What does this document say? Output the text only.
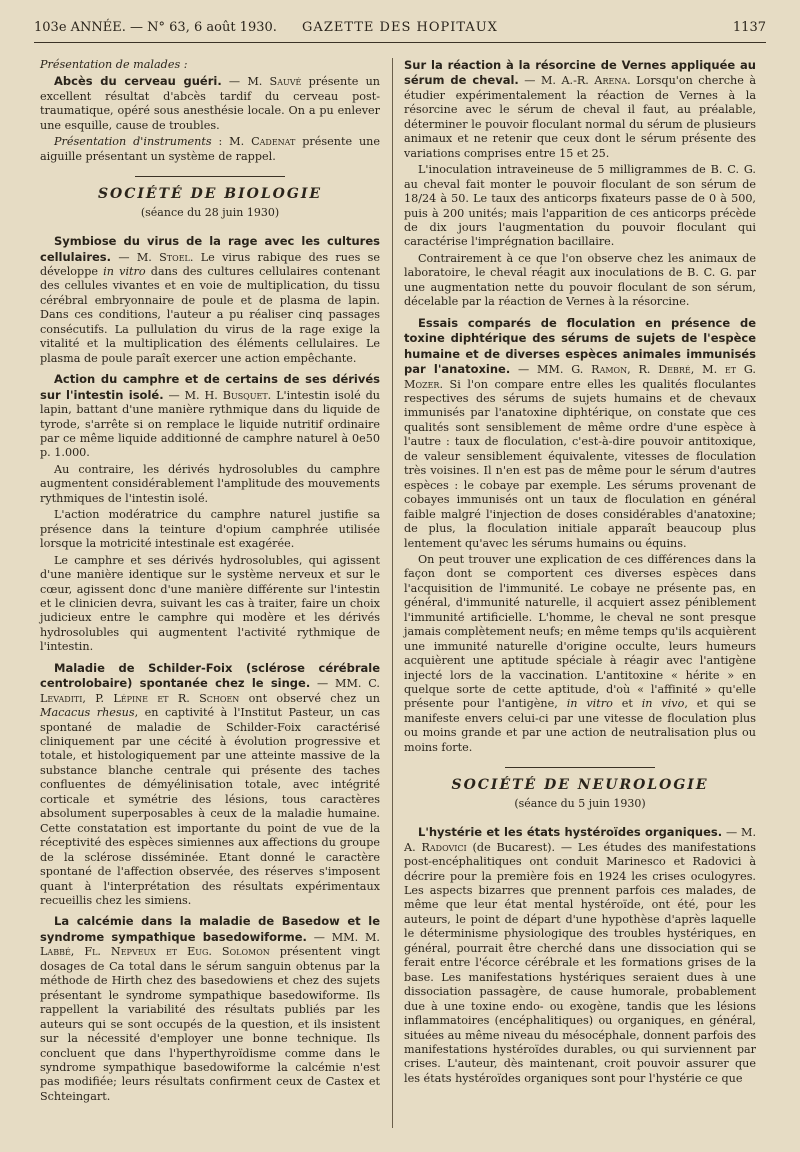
103e ANNÉE. — N° 63, 6 août 1930.	GAZETTE DES HOPITAUX	1137

Présentation de malades :

Abcès du cerveau guéri. — M. Sauvé présente un excellent résultat d'abcès tardif du cerveau post-traumatique, opéré sous anesthésie locale. On a pu enlever une esquille, cause de troubles.

Présentation d'instruments : M. Cadenat présente une aiguille présentant un système de rappel.

SOCIÉTÉ DE BIOLOGIE
(séance du 28 juin 1930)

Symbiose du virus de la rage avec les cultures cellulaires. — M. Stoel. Le virus rabique des rues se développe in vitro dans des cultures cellulaires contenant des cellules vivantes et en voie de multiplication, du tissu cérébral embryonnaire de poule et de plasma de lapin. Dans ces conditions, l'auteur a pu réaliser cinq passages consécutifs. La pullulation du virus de la rage exige la vitalité et la multiplication des éléments cellulaires. Le plasma de poule paraît exercer une action empêchante.

Action du camphre et de certains de ses dérivés sur l'intestin isolé. — M. H. Busquet. L'intestin isolé du lapin, battant d'une manière rythmique dans du liquide de tyrode, s'arrête si on remplace le liquide nutritif ordinaire par ce même liquide additionné de camphre naturel à 0e50 p. 1.000.

Au contraire, les dérivés hydrosolubles du camphre augmentent considérablement l'amplitude des mouvements rythmiques de l'intestin isolé.

L'action modératrice du camphre naturel justifie sa présence dans la teinture d'opium camphrée utilisée lorsque la motricité intestinale est exagérée.

Le camphre et ses dérivés hydrosolubles, qui agissent d'une manière identique sur le système nerveux et sur le cœur, agissent donc d'une manière différente sur l'intestin et le clinicien devra, suivant les cas à traiter, faire un choix judicieux entre le camphre qui modère et les dérivés hydrosolubles qui augmentent l'activité rythmique de l'intestin.

Maladie de Schilder-Foix (sclérose cérébrale centrolobaire) spontanée chez le singe. — MM. C. Levaditi, P. Lépine et R. Schoen ont observé chez un Macacus rhesus, en captivité à l'Institut Pasteur, un cas spontané de maladie de Schilder-Foix caractérisé cliniquement par une cécité à évolution progressive et totale, et histologiquement par une atteinte massive de la substance blanche centrale qui présente des taches confluentes de démyélinisation totale, avec intégrité corticale et symétrie des lésions, tous caractères absolument superposables à ceux de la maladie humaine. Cette constatation est importante du point de vue de la réceptivité des espèces simiennes aux affections du groupe de la sclérose disséminée. Etant donné le caractère spontané de l'affection observée, des réserves s'imposent quant à l'interprétation des résultats expérimentaux recueillis chez les simiens.

La calcémie dans la maladie de Basedow et le syndrome sympathique basedowiforme. — MM. M. Labbé, Fl. Nepveux et Eug. Solomon présentent vingt dosages de Ca total dans le sérum sanguin obtenus par la méthode de Hirth chez des basedowiens et chez des sujets présentant le syndrome sympathique basedowiforme. Ils rappellent la variabilité des résultats publiés par les auteurs qui se sont occupés de la question, et ils insistent sur la nécessité d'employer une bonne technique. Ils concluent que dans l'hyperthyroïdisme comme dans le syndrome sympathique basedowiforme la calcémie n'est pas modifiée; leurs résultats confirment ceux de Castex et Schteingart.

Sur la réaction à la résorcine de Vernes appliquée au sérum de cheval. — M. A.-R. Arena. Lorsqu'on cherche à étudier expérimentalement la réaction de Vernes à la résorcine avec le sérum de cheval il faut, au préalable, déterminer le pouvoir floculant normal du sérum de plusieurs animaux et ne retenir que ceux dont le sérum présente des variations comprises entre 15 et 25.

L'inoculation intraveineuse de 5 milligrammes de B. C. G. au cheval fait monter le pouvoir floculant de son sérum de 18/24 à 50. Le taux des anticorps fixateurs passe de 0 à 500, puis à 200 unités; mais l'apparition de ces anticorps précède de dix jours l'augmentation du pouvoir floculant qui caractérise l'imprégnation bacillaire.

Contrairement à ce que l'on observe chez les animaux de laboratoire, le cheval réagit aux inoculations de B. C. G. par une augmentation nette du pouvoir floculant de son sérum, décelable par la réaction de Vernes à la résorcine.

Essais comparés de floculation en présence de toxine diphtérique des sérums de sujets de l'espèce humaine et de diverses espèces animales immunisés par l'anatoxine. — MM. G. Ramon, R. Debré, M. et G. Mozer. Si l'on compare entre elles les qualités floculantes respectives des sérums de sujets humains et de chevaux immunisés par l'anatoxine diphtérique, on constate que ces qualités sont sensiblement de même ordre d'une espèce à l'autre : taux de floculation, c'est-à-dire pouvoir antitoxique, de valeur sensiblement équivalente, vitesses de floculation très voisines. Il n'en est pas de même pour le sérum d'autres espèces : le cobaye par exemple. Les sérums provenant de cobayes immunisés ont un taux de floculation en général faible malgré l'injection de doses considérables d'anatoxine; de plus, la floculation initiale apparaît beaucoup plus lentement qu'avec les sérums humains ou équins.

On peut trouver une explication de ces différences dans la façon dont se comportent ces diverses espèces dans l'acquisition de l'immunité. Le cobaye ne présente pas, en général, d'immunité naturelle, il acquiert assez péniblement l'immunité artificielle. L'homme, le cheval ne sont presque jamais complètement neufs; en même temps qu'ils acquièrent une immunité naturelle d'origine occulte, leurs humeurs acquièrent une aptitude spéciale à réagir avec l'antigène injecté lors de la vaccination. L'antitoxine « hérite » en quelque sorte de cette aptitude, d'où « l'affinité » qu'elle présente pour l'antigène, in vitro et in vivo, et qui se manifeste envers celui-ci par une vitesse de floculation plus ou moins grande et par une action de neutralisation plus ou moins forte.

SOCIÉTÉ DE NEUROLOGIE
(séance du 5 juin 1930)

L'hystérie et les états hystéroïdes organiques. — M. A. Radovici (de Bucarest). — Les études des manifestations post-encéphalitiques ont conduit Marinesco et Radovici à décrire pour la première fois en 1924 les crises oculogyres. Les aspects bizarres que prennent parfois ces malades, de même que leur état mental hystéroïde, ont été, pour les auteurs, le point de départ d'une hypothèse d'après laquelle le déterminisme physiologique des troubles hystériques, en général, pourrait être cherché dans une dissociation qui se ferait entre l'écorce cérébrale et les formations grises de la base. Les manifestations hystériques seraient dues à une dissociation passagère, de cause humorale, probablement due à une toxine endo- ou exogène, tandis que les lésions inflammatoires (encéphalitiques) ou organiques, en général, situées au même niveau du mésocéphale, donnent parfois des manifestations hystéroïdes durables, ou qui surviennent par crises. L'auteur, dès maintenant, croit pouvoir assurer que les états hystéroïdes organiques sont pour l'hystérie ce que
